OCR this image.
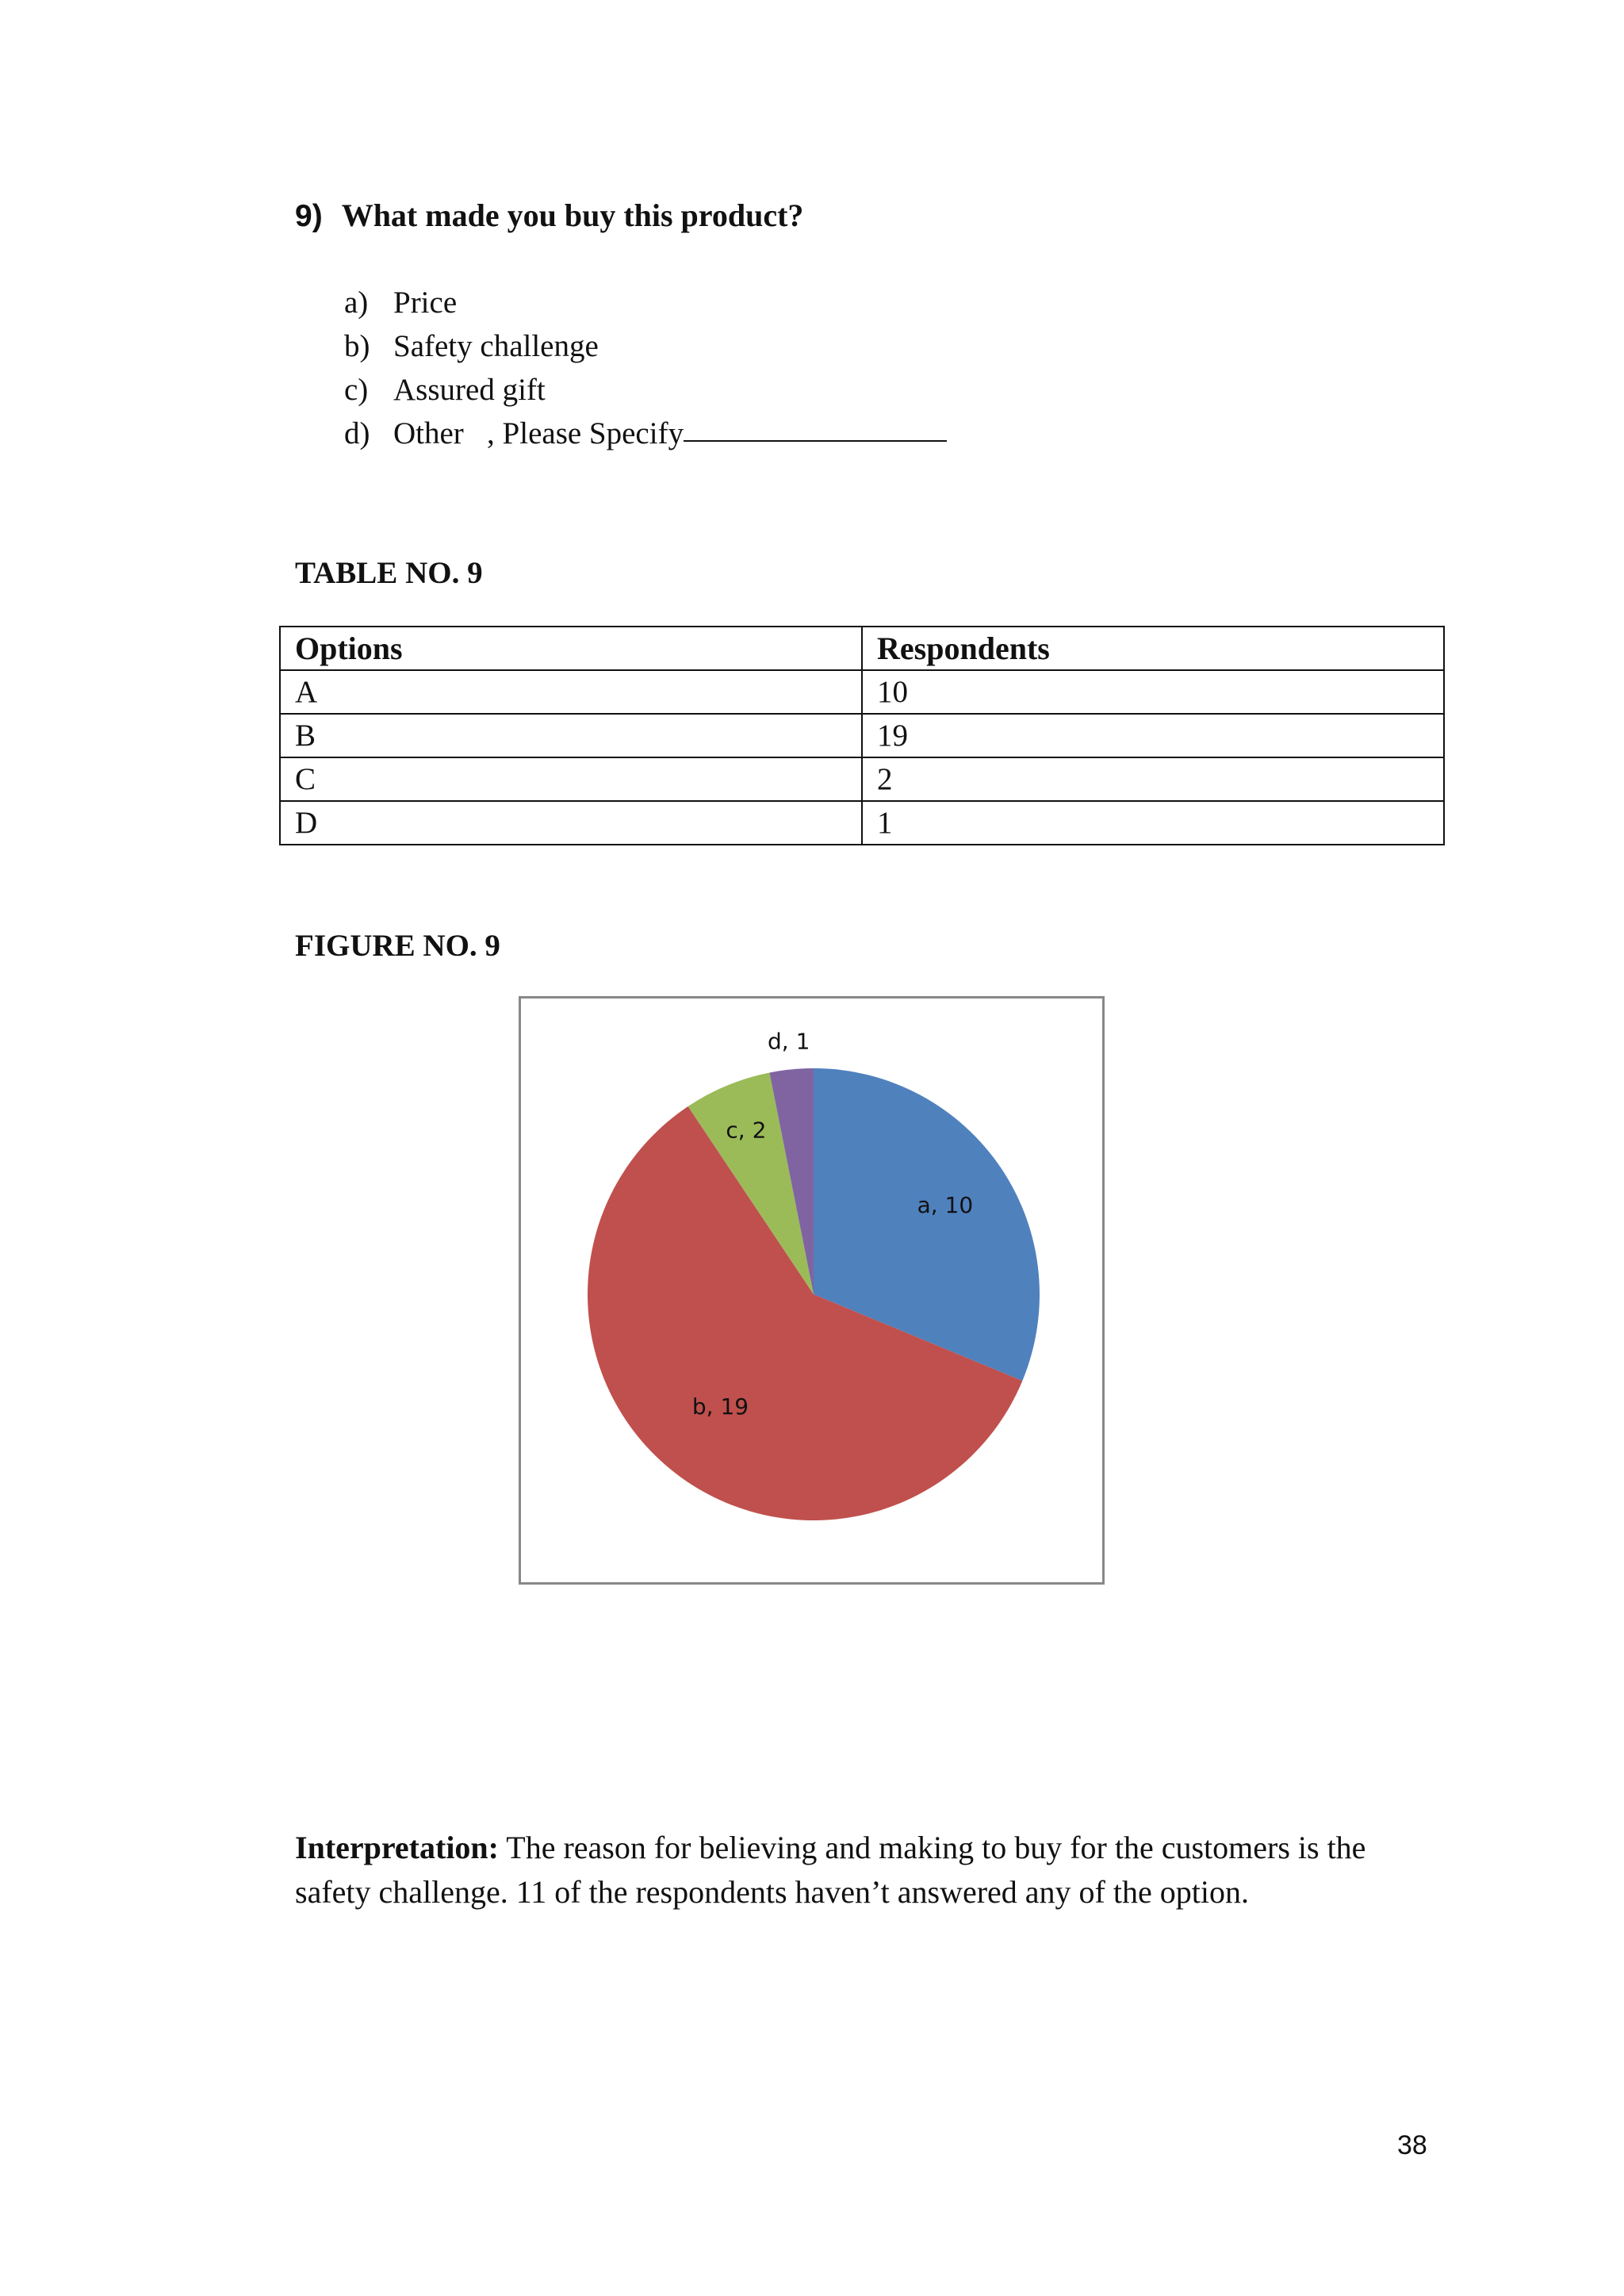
9) What made you buy this product?
a) Price
b) Safety challenge
c) Assured gift
d) Other   , Please Specify
TABLE NO. 9
Options	Respondents
A	10
B	19
C	2
D	1
FIGURE NO. 9
a, 10
b, 19
c, 2
d, 1
Interpretation: The reason for believing and making to buy for the customers is the
safety challenge. 11 of the respondents haven’t answered any of the option.
38
